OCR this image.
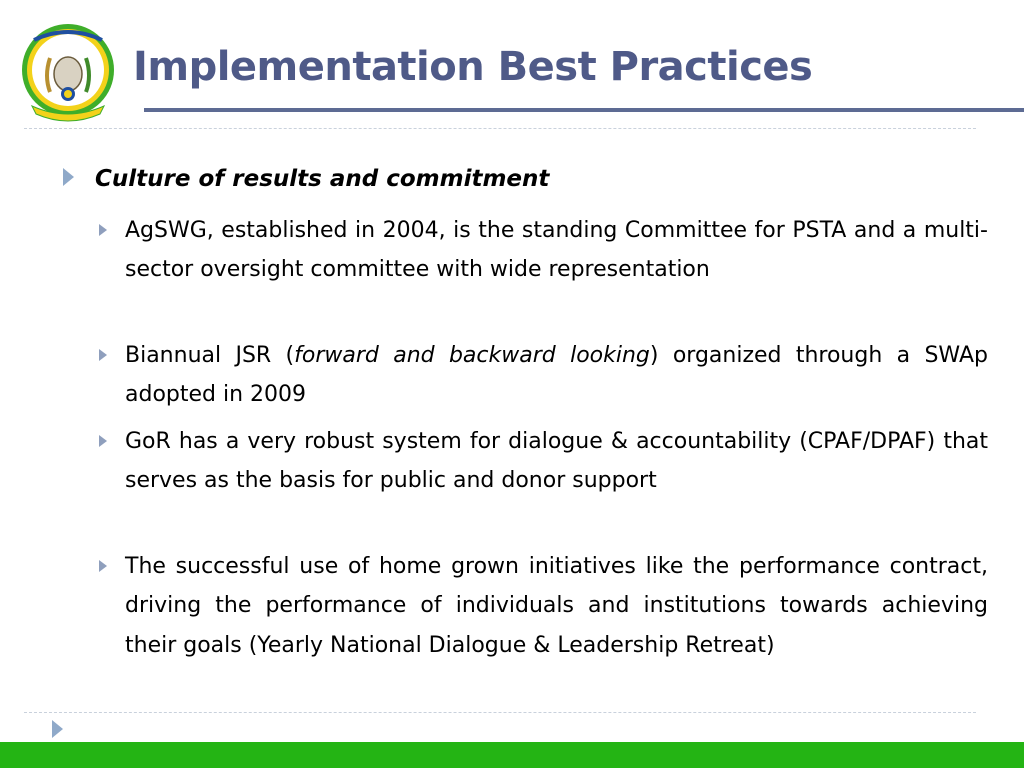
Implementation Best Practices
Culture of results and commitment
AgSWG, established in 2004, is the standing Committee for PSTA and a multi-sector oversight committee with wide representation
Biannual JSR (forward and backward looking) organized through a SWAp adopted in 2009
GoR has a very robust system for dialogue & accountability (CPAF/DPAF) that serves as the basis for public and donor support
The successful use of home grown initiatives like the performance contract, driving the performance of individuals and institutions towards achieving their goals (Yearly National Dialogue & Leadership Retreat)
